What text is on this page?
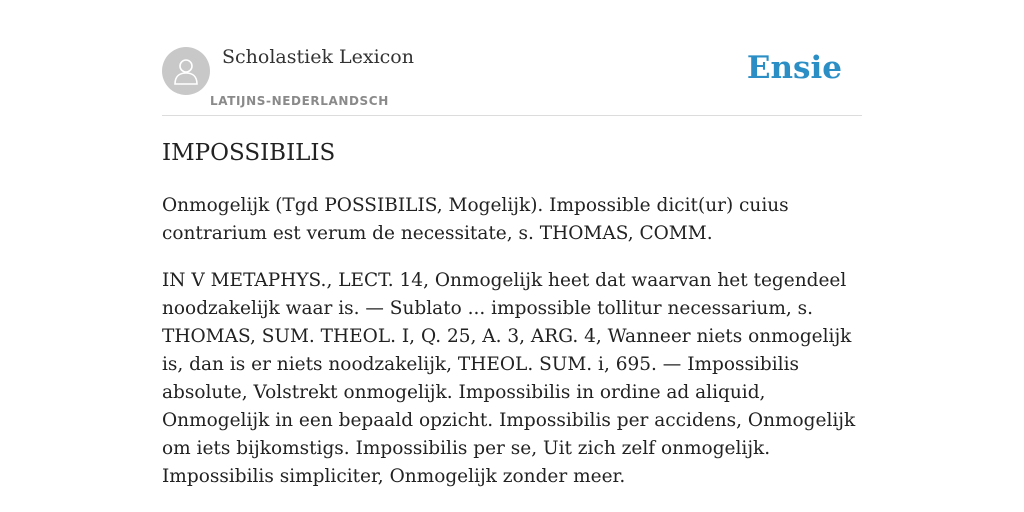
Scholastiek Lexicon
LATIJNS-NEDERLANDSCH
Ensie
IMPOSSIBILIS

Onmogelijk (Tgd POSSIBILIS, Mogelijk). Impossible dicit(ur) cuius contrarium est verum de necessitate, s. THOMAS, COMM.

IN V METAPHYS., LECT. 14, Onmogelijk heet dat waarvan het tegendeel noodzakelijk waar is. — Sublato ... impossible tollitur necessarium, s. THOMAS, SUM. THEOL. I, Q. 25, A. 3, ARG. 4, Wanneer niets onmogelijk is, dan is er niets noodzakelijk, THEOL. SUM. i, 695. — Impossibilis absolute, Volstrekt onmogelijk. Impossibilis in ordine ad aliquid, Onmogelijk in een bepaald opzicht. Impossibilis per accidens, Onmogelijk om iets bijkomstigs. Impossibilis per se, Uit zich zelf onmogelijk. Impossibilis simpliciter, Onmogelijk zonder meer.
